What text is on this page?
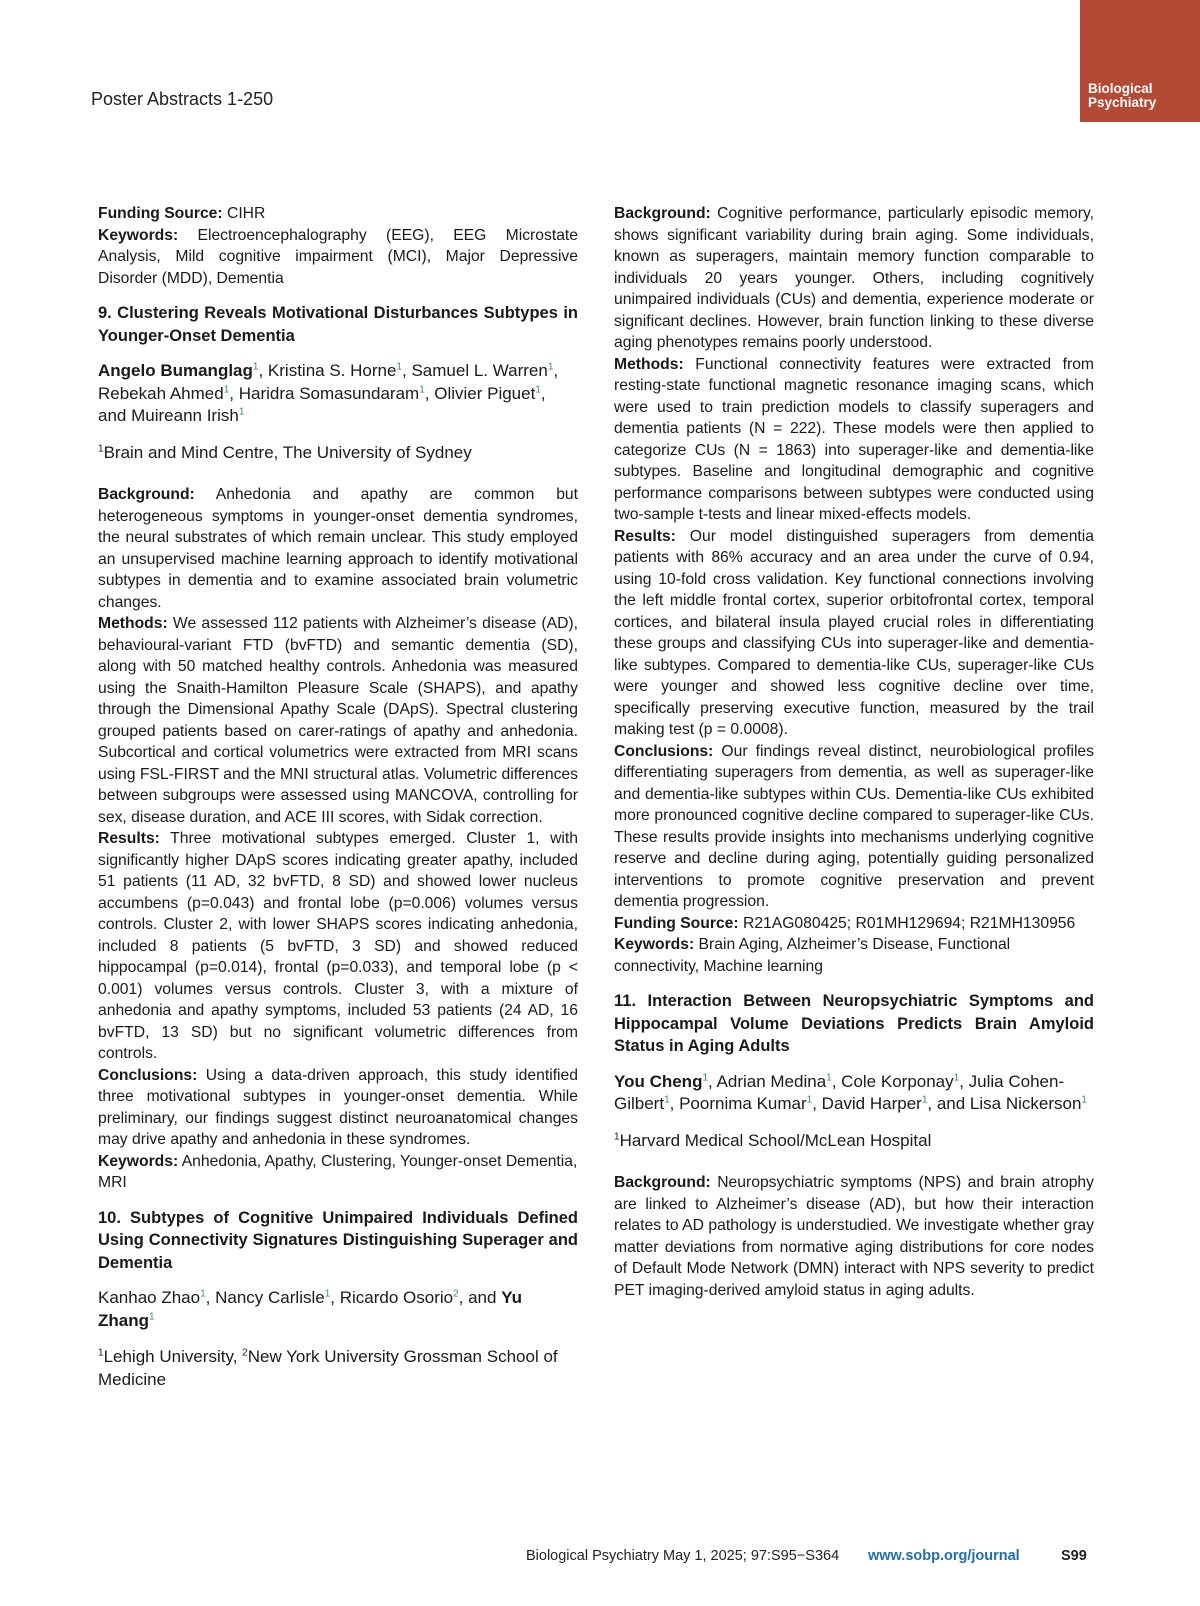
Poster Abstracts 1-250
Biological
Psychiatry

Funding Source: CIHR

Keywords: Electroencephalography (EEG), EEG Microstate Analysis, Mild cognitive impairment (MCI), Major Depressive Disorder (MDD), Dementia

9. Clustering Reveals Motivational Disturbances Subtypes in Younger-Onset Dementia

Angelo Bumanglag$^1$, Kristina S. Horne$^1$, Samuel L. Warren$^1$, Rebekah Ahmed$^1$, Haridra Somasundaram$^1$, Olivier Piguet$^1$, and Muireann Irish$^1$

$^1$Brain and Mind Centre, The University of Sydney

Background: Anhedonia and apathy are common but heterogeneous symptoms in younger-onset dementia syndromes, the neural substrates of which remain unclear. This study employed an unsupervised machine learning approach to identify motivational subtypes in dementia and to examine associated brain volumetric changes.

Methods: We assessed 112 patients with Alzheimer’s disease (AD), behavioural-variant FTD (bvFTD) and semantic dementia (SD), along with 50 matched healthy controls. Anhedonia was measured using the Snaith-Hamilton Pleasure Scale (SHAPS), and apathy through the Dimensional Apathy Scale (DApS). Spectral clustering grouped patients based on carer-ratings of apathy and anhedonia. Subcortical and cortical volumetrics were extracted from MRI scans using FSL-FIRST and the MNI structural atlas. Volumetric differences between subgroups were assessed using MANCOVA, controlling for sex, disease duration, and ACE III scores, with Sidak correction.

Results: Three motivational subtypes emerged. Cluster 1, with significantly higher DApS scores indicating greater apathy, included 51 patients (11 AD, 32 bvFTD, 8 SD) and showed lower nucleus accumbens (p=0.043) and frontal lobe (p=0.006) volumes versus controls. Cluster 2, with lower SHAPS scores indicating anhedonia, included 8 patients (5 bvFTD, 3 SD) and showed reduced hippocampal (p=0.014), frontal (p=0.033), and temporal lobe (p < 0.001) volumes versus controls. Cluster 3, with a mixture of anhedonia and apathy symptoms, included 53 patients (24 AD, 16 bvFTD, 13 SD) but no significant volumetric differences from controls.

Conclusions: Using a data-driven approach, this study identified three motivational subtypes in younger-onset dementia. While preliminary, our findings suggest distinct neuroanatomical changes may drive apathy and anhedonia in these syndromes.

Keywords: Anhedonia, Apathy, Clustering, Younger-onset Dementia, MRI

10. Subtypes of Cognitive Unimpaired Individuals Defined Using Connectivity Signatures Distinguishing Superager and Dementia

Kanhao Zhao$^1$, Nancy Carlisle$^1$, Ricardo Osorio$^2$, and Yu Zhang$^1$

$^1$Lehigh University, $^2$New York University Grossman School of Medicine

Background: Cognitive performance, particularly episodic memory, shows significant variability during brain aging. Some individuals, known as superagers, maintain memory function comparable to individuals 20 years younger. Others, including cognitively unimpaired individuals (CUs) and dementia, experience moderate or significant declines. However, brain function linking to these diverse aging phenotypes remains poorly understood.

Methods: Functional connectivity features were extracted from resting-state functional magnetic resonance imaging scans, which were used to train prediction models to classify superagers and dementia patients (N = 222). These models were then applied to categorize CUs (N = 1863) into superager-like and dementia-like subtypes. Baseline and longitudinal demographic and cognitive performance comparisons between subtypes were conducted using two-sample t-tests and linear mixed-effects models.

Results: Our model distinguished superagers from dementia patients with 86% accuracy and an area under the curve of 0.94, using 10-fold cross validation. Key functional connections involving the left middle frontal cortex, superior orbitofrontal cortex, temporal cortices, and bilateral insula played crucial roles in differentiating these groups and classifying CUs into superager-like and dementia-like subtypes. Compared to dementia-like CUs, superager-like CUs were younger and showed less cognitive decline over time, specifically preserving executive function, measured by the trail making test (p = 0.0008).

Conclusions: Our findings reveal distinct, neurobiological profiles differentiating superagers from dementia, as well as superager-like and dementia-like subtypes within CUs. Dementia-like CUs exhibited more pronounced cognitive decline compared to superager-like CUs. These results provide insights into mechanisms underlying cognitive reserve and decline during aging, potentially guiding personalized interventions to promote cognitive preservation and prevent dementia progression.

Funding Source: R21AG080425; R01MH129694; R21MH130956

Keywords: Brain Aging, Alzheimer’s Disease, Functional connectivity, Machine learning

11. Interaction Between Neuropsychiatric Symptoms and Hippocampal Volume Deviations Predicts Brain Amyloid Status in Aging Adults

You Cheng$^1$, Adrian Medina$^1$, Cole Korponay$^1$, Julia Cohen-Gilbert$^1$, Poornima Kumar$^1$, David Harper$^1$, and Lisa Nickerson$^1$

$^1$Harvard Medical School/McLean Hospital

Background: Neuropsychiatric symptoms (NPS) and brain atrophy are linked to Alzheimer’s disease (AD), but how their interaction relates to AD pathology is understudied. We investigate whether gray matter deviations from normative aging distributions for core nodes of Default Mode Network (DMN) interact with NPS severity to predict PET imaging-derived amyloid status in aging adults.

Biological Psychiatry May 1, 2025; 97:S95−S364 www.sobp.org/journal	S99
